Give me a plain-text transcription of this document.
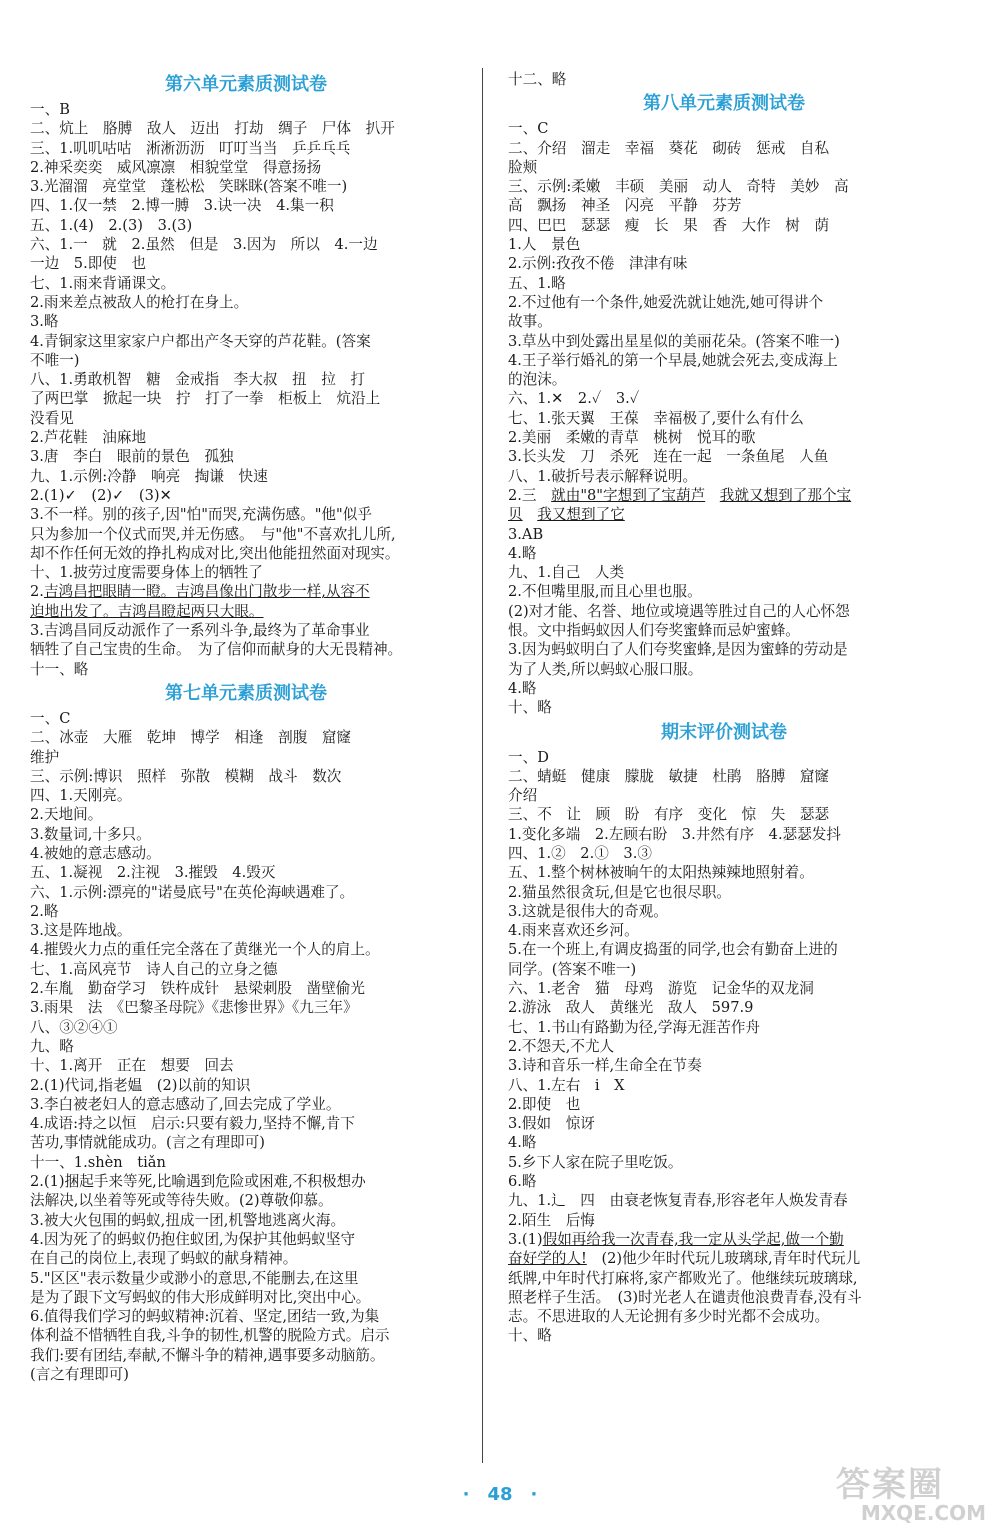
第六单元素质测试卷
一、B
二、炕上　胳膊　敌人　迈出　打劫　绸子　尸体　扒开
三、1.叽叽咕咕　淅淅沥沥　叮叮当当　乒乒乓乓
2.神采奕奕　威风凛凛　相貌堂堂　得意扬扬
3.光溜溜　亮堂堂　蓬松松　笑眯眯(答案不唯一)
四、1.仅一禁　2.博一膊　3.诀一决　4.集一积
五、1.(4)　2.(3)　3.(3)
六、1.一　就　2.虽然　但是　3.因为　所以　4.一边
一边　5.即使　也
七、1.雨来背诵课文。
2.雨来差点被敌人的枪打在身上。
3.略
4.青铜家这里家家户户都出产冬天穿的芦花鞋。(答案
不唯一)
八、1.勇敢机智　糖　金戒指　李大叔　扭　拉　打
了两巴掌　掀起一块　拧　打了一拳　柜板上　炕沿上
没看见
2.芦花鞋　油麻地
3.唐　李白　眼前的景色　孤独
九、1.示例:冷静　响亮　掏谦　快速
2.(1)✓　(2)✓　(3)✕
3.不一样。别的孩子,因"怕"而哭,充满伤感。"他"似乎
只为参加一个仪式而哭,并无伤感。　与"他"不喜欢扎儿所,
却不作任何无效的挣扎构成对比,突出他能扭然面对现实。
十、1.披劳过度需要身体上的牺牲了
2.吉鸿昌把眼睛一瞪。吉鸿昌像出门散步一样,从容不
迫地出发了。吉鸿昌瞪起两只大眼。
3.吉鸿昌同反动派作了一系列斗争,最终为了革命事业
牺牲了自己宝贵的生命。　为了信仰而献身的大无畏精神。
十一、略
第七单元素质测试卷
一、C
二、冰壶　大雁　乾坤　博学　相逢　剖腹　窟窿
维护
三、示例:博识　照样　弥散　模糊　战斗　数次
四、1.天刚亮。
2.天地间。
3.数量词,十多只。
4.被她的意志感动。
五、1.凝视　2.注视　3.摧毁　4.毁灭
六、1.示例:漂亮的"诺曼底号"在英伦海峡遇难了。
2.略
3.这是阵地战。
4.摧毁火力点的重任完全落在了黄继光一个人的肩上。
七、1.高风亮节　诗人自己的立身之德
2.车胤　勤奋学习　铁杵成针　悬梁刺股　凿壁偷光
3.雨果　法　《巴黎圣母院》《悲惨世界》《九三年》
八、③②④①
九、略
十、1.离开　正在　想要　回去
2.(1)代词,指老媪　(2)以前的知识
3.李白被老妇人的意志感动了,回去完成了学业。
4.成语:持之以恒　启示:只要有毅力,坚持不懈,肯下
苦功,事情就能成功。(言之有理即可)
十一、1.shèn　tiǎn
2.(1)捆起手来等死,比喻遇到危险或困难,不积极想办
法解决,以坐着等死或等待失败。(2)尊敬仰慕。
3.被大火包围的蚂蚁,扭成一团,机警地逃离火海。
4.因为死了的蚂蚁仍抱住蚁团,为保护其他蚂蚁坚守
在自己的岗位上,表现了蚂蚁的献身精神。
5."区区"表示数量少或渺小的意思,不能删去,在这里
是为了跟下文写蚂蚁的伟大形成鲜明对比,突出中心。
6.值得我们学习的蚂蚁精神:沉着、坚定,团结一致,为集
体利益不惜牺牲自我,斗争的韧性,机警的脱险方式。启示
我们:要有团结,奉献,不懈斗争的精神,遇事要多动脑筋。
(言之有理即可)
十二、略
第八单元素质测试卷
一、C
二、介绍　溜走　幸福　葵花　砌砖　惩戒　自私
脸颊
三、示例:柔嫩　丰硕　美丽　动人　奇特　美妙　高
高　飘扬　神圣　闪亮　平静　芬芳
四、巴巴　瑟瑟　瘦　长　果　香　大作　树　荫
1.人　景色
2.示例:孜孜不倦　津津有味
五、1.略
2.不过他有一个条件,她爱洗就让她洗,她可得讲个
故事。
3.草丛中到处露出星星似的美丽花朵。(答案不唯一)
4.王子举行婚礼的第一个早晨,她就会死去,变成海上
的泡沫。
六、1.✕　2.✓　3.✓
七、1.张天翼　王葆　幸福极了,要什么有什么
2.美丽　柔嫩的青草　桃树　悦耳的歌
3.长头发　刀　杀死　连在一起　一条鱼尾　人鱼
八、1.破折号表示解释说明。
2.三　就由"8"字想到了宝葫芦　 我就又想到了那个宝
贝　 我又想到了它
3.AB
4.略
九、1.自己　人类
2.不但嘴里服,而且心里也服。
(2)对才能、名誉、地位或境遇等胜过自己的人心怀怨
恨。文中指蚂蚁因人们夸奖蜜蜂而忌妒蜜蜂。
3.因为蚂蚁明白了人们夸奖蜜蜂,是因为蜜蜂的劳动是
为了人类,所以蚂蚁心服口服。
4.略
十、略
期末评价测试卷
一、D
二、蜻蜓　健康　朦胧　敏捷　杜鹃　胳膊　窟窿
介绍
三、不　让　顾　盼　有序　变化　惊　失　瑟瑟
1.变化多端　2.左顾右盼　3.井然有序　4.瑟瑟发抖
四、1.②　2.①　3.③
五、1.整个树林被晌午的太阳热辣辣地照射着。
2.猫虽然很贪玩,但是它也很尽职。
3.这就是很伟大的奇观。
4.雨来喜欢还乡河。
5.在一个班上,有调皮捣蛋的同学,也会有勤奋上进的
同学。(答案不唯一)
六、1.老舍　猫　母鸡　游览　记金华的双龙洞
2.游泳　敌人　黄继光　敌人　597.9
七、1.书山有路勤为径,学海无涯苦作舟
2.不怨天,不尤人
3.诗和音乐一样,生命全在节奏
八、1.左右　i　X
2.即使　也
3.假如　惊讶
4.略
5.乡下人家在院子里吃饭。
6.略
九、1.辶　四　由衰老恢复青春,形容老年人焕发青春
2.陌生　后悔
3.(1)假如再给我一次青春,我一定从头学起,做一个勤
奋好学的人!　(2)他少年时代玩儿玻璃球,青年时代玩儿
纸牌,中年时代打麻将,家产都败光了。他继续玩玻璃球,
照老样子生活。　(3)时光老人在谴责他浪费青春,没有斗
志。不思进取的人无论拥有多少时光都不会成功。
十、略
·　48　·	答案圈
MXQE.COM
